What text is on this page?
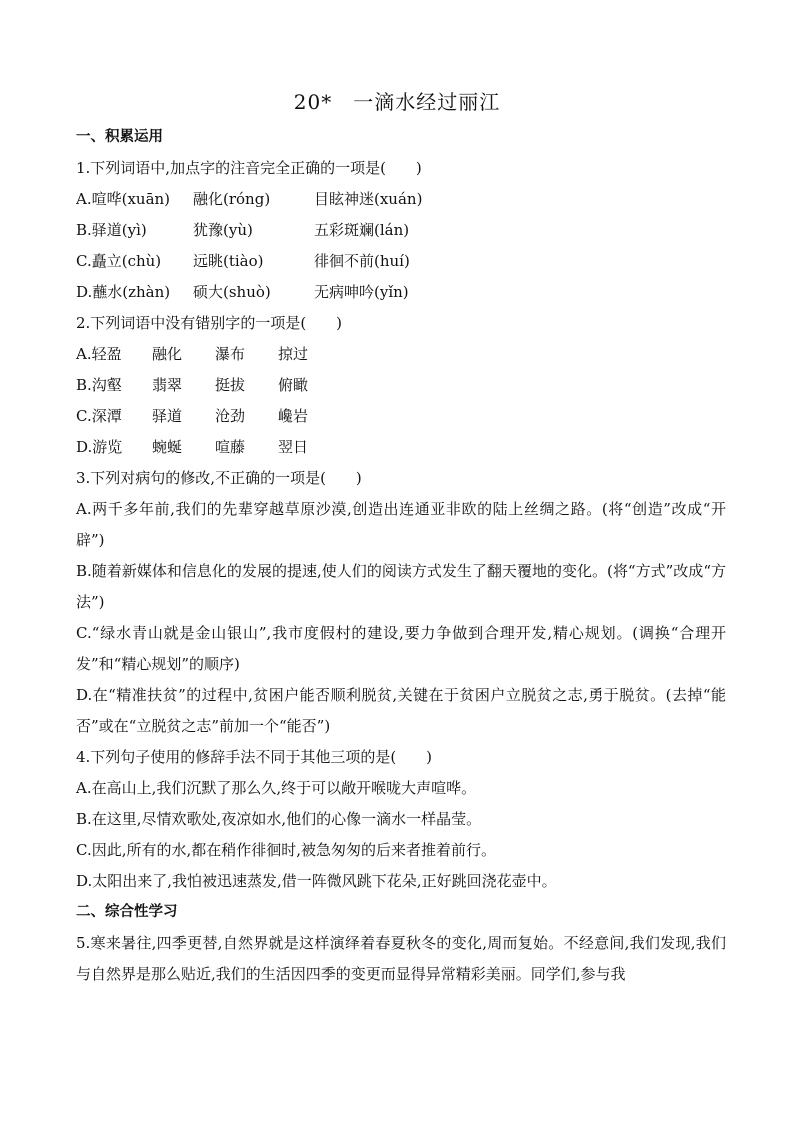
20*　一滴水经过丽江
一、积累运用
1.下列词语中,加点字的注音完全正确的一项是(　　)
A.喧哗(xuān) 融化(róng)	目眩神迷(xuán)
B.驿道(yì)	犹豫(yù)	五彩斑斓(lán)
C.矗立(chù) 远眺(tiào)	徘徊不前(huí)
D.蘸水(zhàn) 硕大(shuò)	无病呻吟(yǐn)
2.下列词语中没有错别字的一项是(　　)
A.轻盈 融化 瀑布 掠过
B.沟壑 翡翠 挺拔 俯瞰
C.深潭 驿道 沧劲 巉岩
D.游览 蜿蜒 喧藤 翌日
3.下列对病句的修改,不正确的一项是(　　)
A.两千多年前,我们的先辈穿越草原沙漠,创造出连通亚非欧的陆上丝绸之路。(将“创造”改成“开辟”)
B.随着新媒体和信息化的发展的提速,使人们的阅读方式发生了翻天覆地的变化。(将“方式”改成“方法”)
C.“绿水青山就是金山银山”,我市度假村的建设,要力争做到合理开发,精心规划。(调换“合理开发”和“精心规划”的顺序)
D.在“精准扶贫”的过程中,贫困户能否顺利脱贫,关键在于贫困户立脱贫之志,勇于脱贫。(去掉“能否”或在“立脱贫之志”前加一个“能否”)
4.下列句子使用的修辞手法不同于其他三项的是(　　)
A.在高山上,我们沉默了那么久,终于可以敞开喉咙大声喧哗。
B.在这里,尽情欢歌处,夜凉如水,他们的心像一滴水一样晶莹。
C.因此,所有的水,都在稍作徘徊时,被急匆匆的后来者推着前行。
D.太阳出来了,我怕被迅速蒸发,借一阵微风跳下花朵,正好跳回浇花壶中。
二、综合性学习
5.寒来暑往,四季更替,自然界就是这样演绎着春夏秋冬的变化,周而复始。不经意间,我们发现,我们与自然界是那么贴近,我们的生活因四季的变更而显得异常精彩美丽。同学们,参与我
